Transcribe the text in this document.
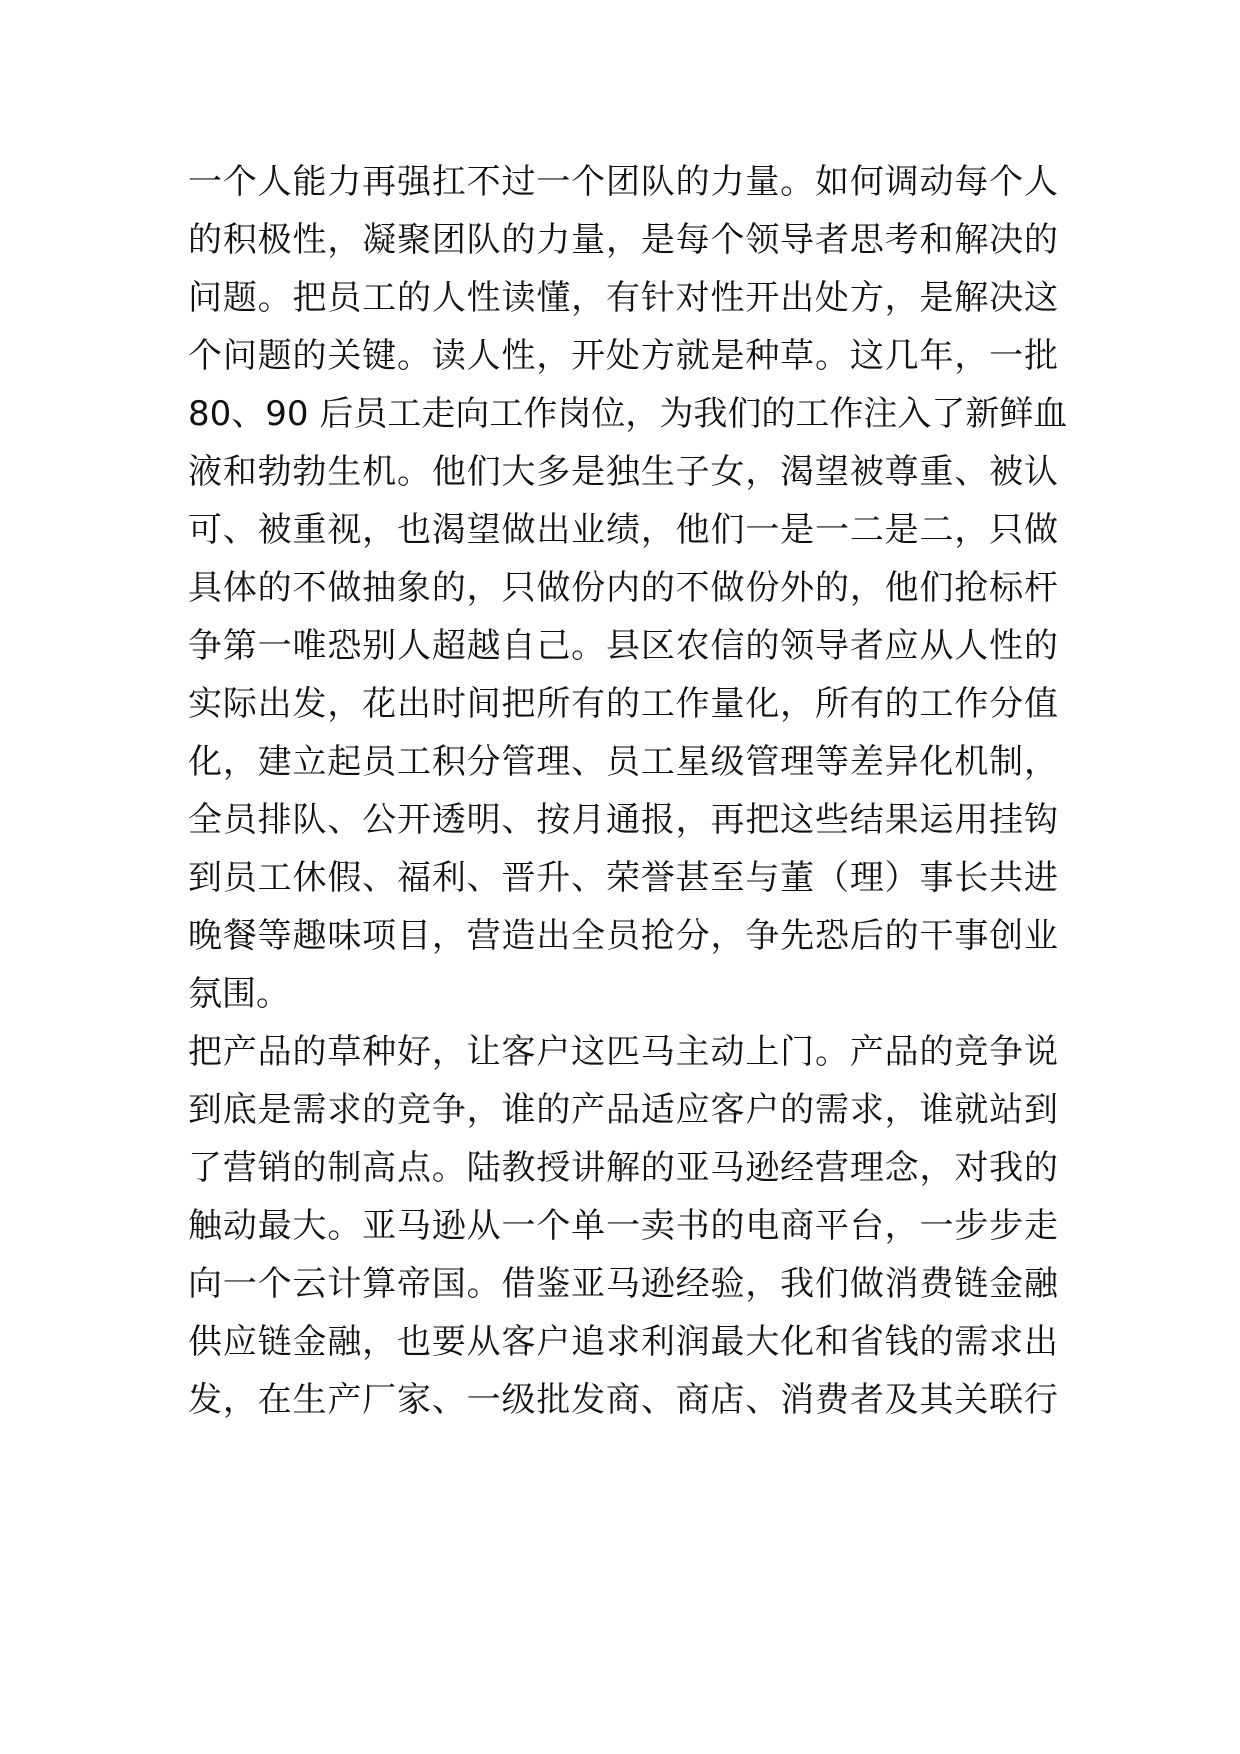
一个人能力再强扛不过一个团队的力量。如何调动每个人
的积极性，凝聚团队的力量，是每个领导者思考和解决的
问题。把员工的人性读懂，有针对性开出处方，是解决这
个问题的关键。读人性，开处方就是种草。这几年，一批
80、90 后员工走向工作岗位，为我们的工作注入了新鲜血
液和勃勃生机。他们大多是独生子女，渴望被尊重、被认
可、被重视，也渴望做出业绩，他们一是一二是二，只做
具体的不做抽象的，只做份内的不做份外的，他们抢标杆
争第一唯恐别人超越自己。县区农信的领导者应从人性的
实际出发，花出时间把所有的工作量化，所有的工作分值
化，建立起员工积分管理、员工星级管理等差异化机制，
全员排队、公开透明、按月通报，再把这些结果运用挂钩
到员工休假、福利、晋升、荣誉甚至与董（理）事长共进
晚餐等趣味项目，营造出全员抢分，争先恐后的干事创业
氛围。
把产品的草种好，让客户这匹马主动上门。产品的竞争说
到底是需求的竞争，谁的产品适应客户的需求，谁就站到
了营销的制高点。陆教授讲解的亚马逊经营理念，对我的
触动最大。亚马逊从一个单一卖书的电商平台，一步步走
向一个云计算帝国。借鉴亚马逊经验，我们做消费链金融
供应链金融，也要从客户追求利润最大化和省钱的需求出
发，在生产厂家、一级批发商、商店、消费者及其关联行
